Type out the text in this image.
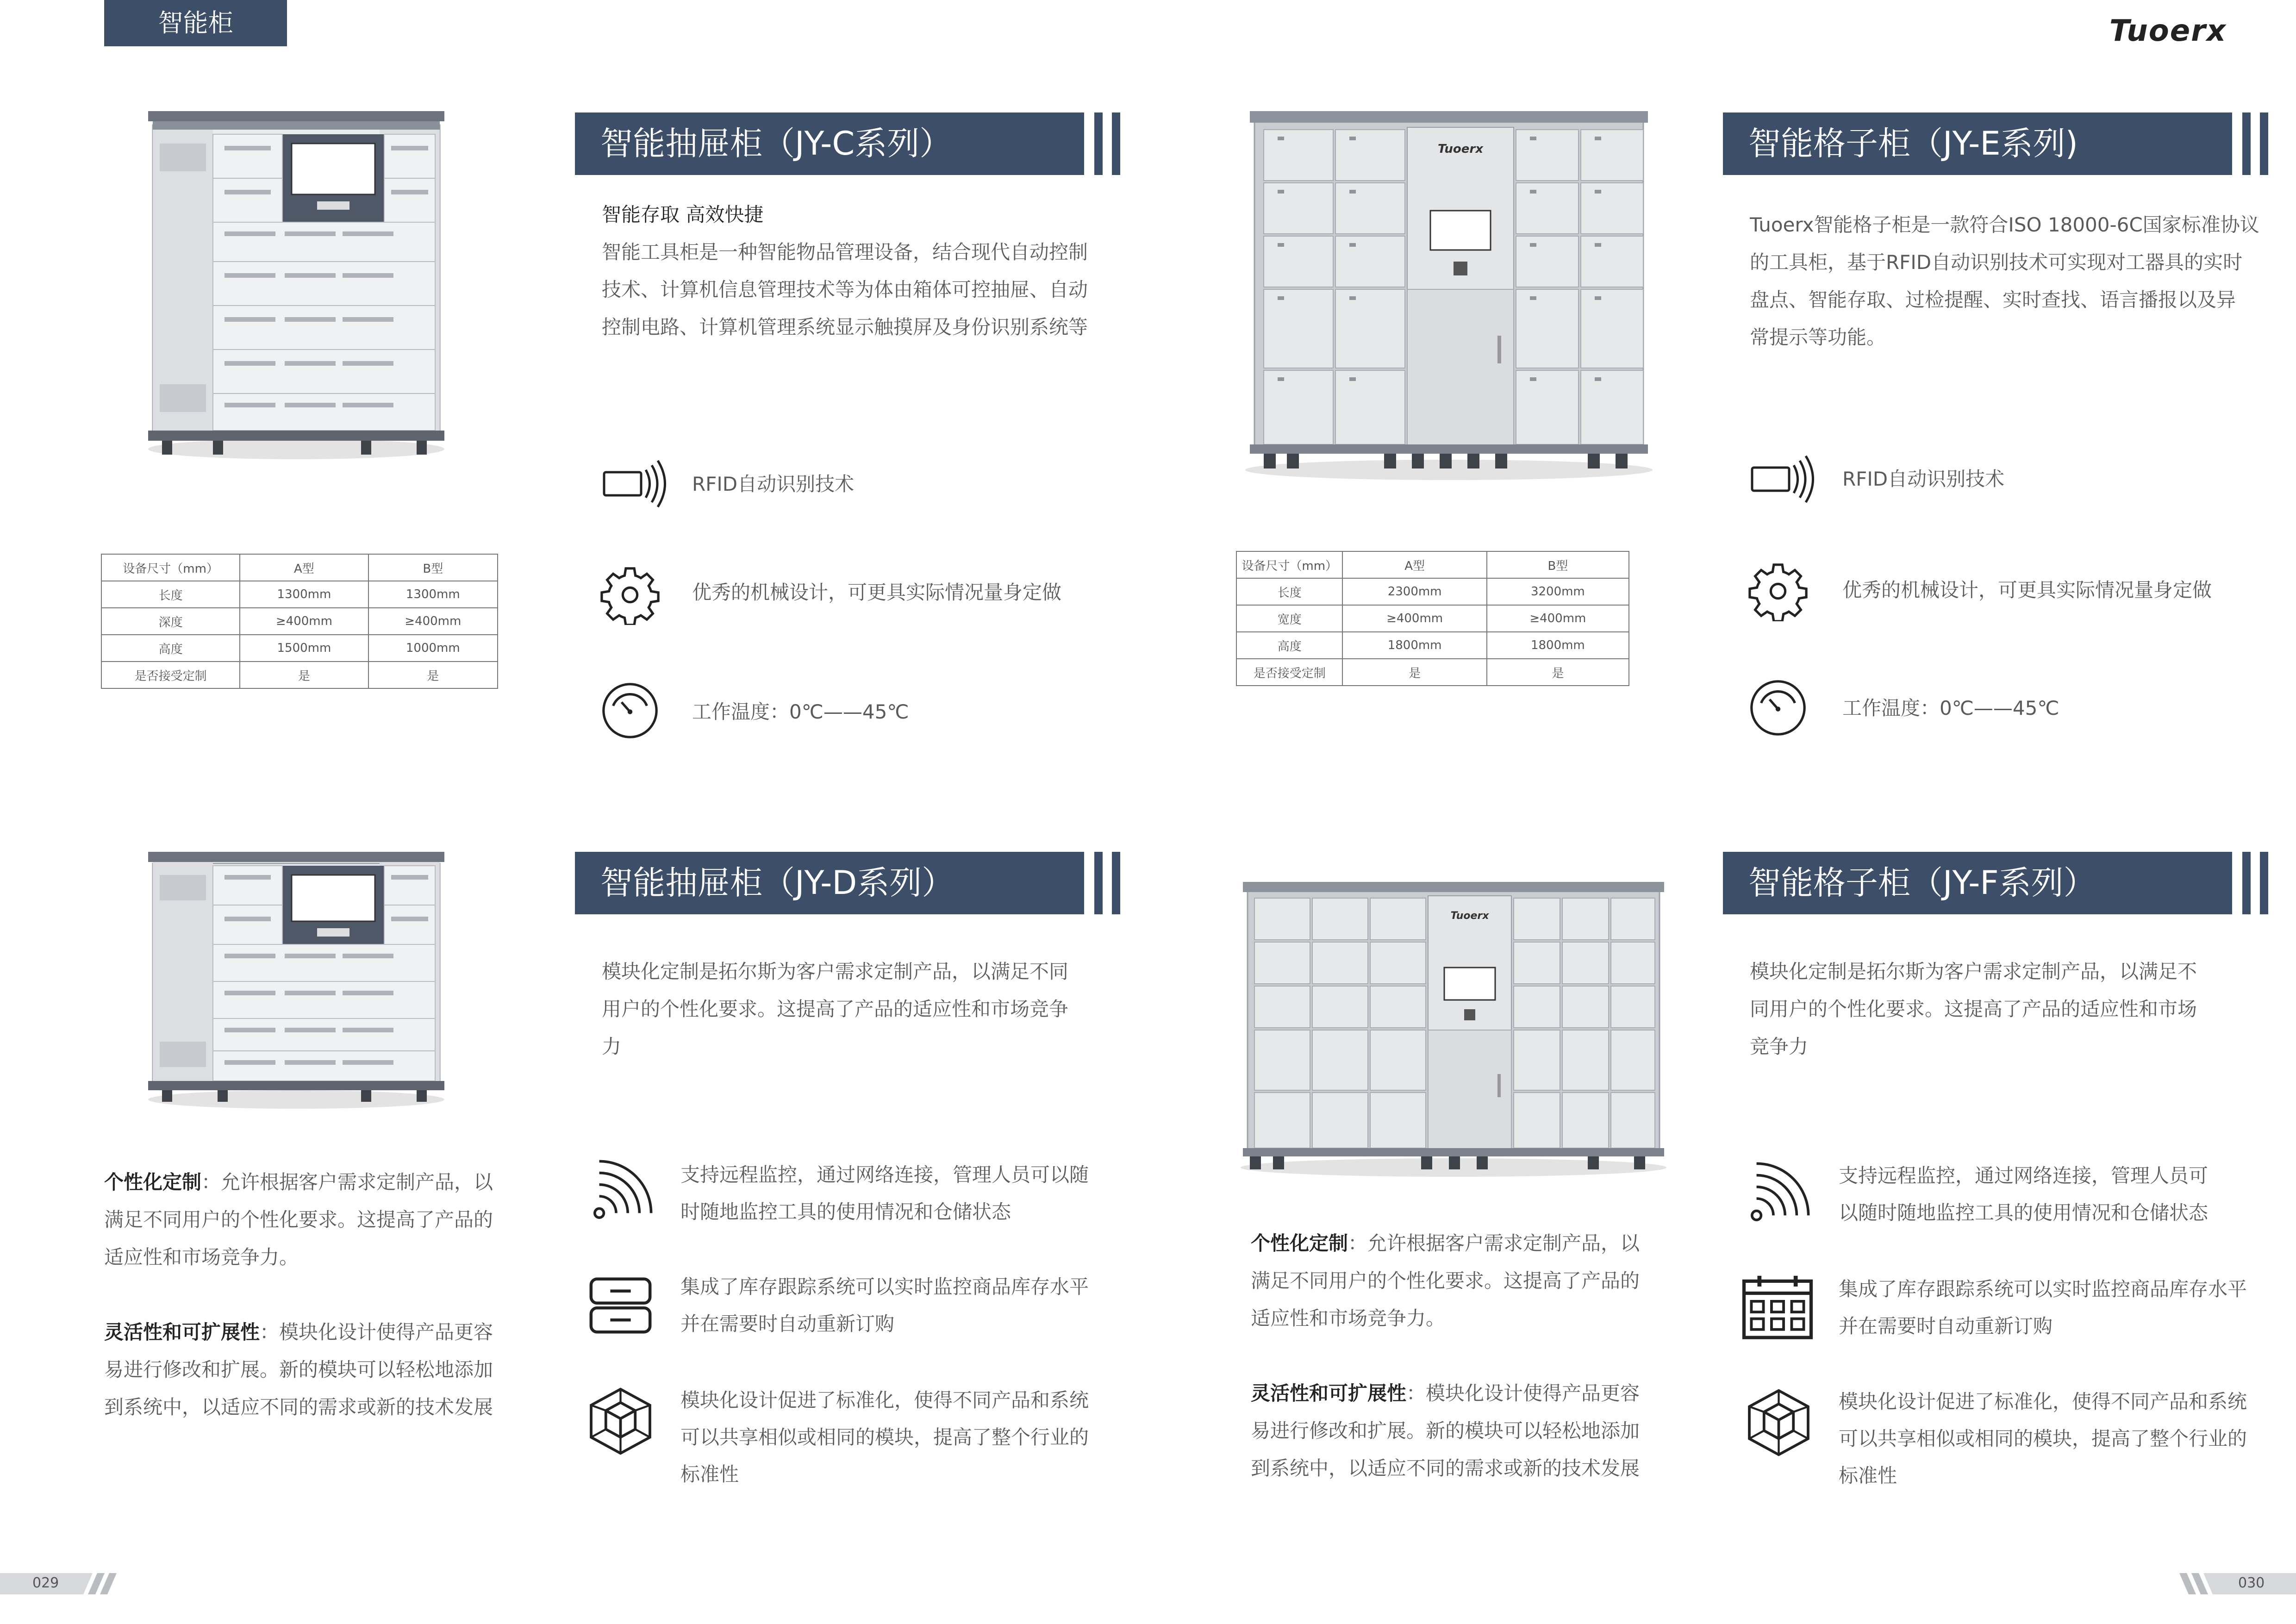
智能柜	Tuoerx
Tuoerx
Tuoerx
智能抽屉柜（JY-C系列）	智能格子柜（JY-E系列)
智能抽屉柜（JY-D系列）	智能格子柜（JY-F系列）
智能存取 高效快捷
智能工具柜是一种智能物品管理设备，结合现代自动控制
技术、计算机信息管理技术等为体由箱体可控抽屉、自动
控制电路、计算机管理系统显示触摸屏及身份识别系统等
Tuoerx智能格子柜是一款符合ISO 18000-6C国家标准协议
的工具柜，基于RFID自动识别技术可实现对工器具的实时
盘点、智能存取、过检提醒、实时查找、语言播报以及异
常提示等功能。
RFID自动识别技术
优秀的机械设计，可更具实际情况量身定做
工作温度：0℃——45℃
RFID自动识别技术
优秀的机械设计，可更具实际情况量身定做
工作温度：0℃——45℃
设备尺寸（mm）	A型	B型
长度	1300mm	1300mm
深度	≥400mm	≥400mm
高度	1500mm	1000mm
是否接受定制	是	是
设备尺寸（mm）	A型	B型
长度	2300mm	3200mm
宽度	≥400mm	≥400mm
高度	1800mm	1800mm
是否接受定制	是	是
模块化定制是拓尔斯为客户需求定制产品，以满足不同
用户的个性化要求。这提高了产品的适应性和市场竞争
力
模块化定制是拓尔斯为客户需求定制产品，以满足不
同用户的个性化要求。这提高了产品的适应性和市场
竞争力
支持远程监控，通过网络连接，管理人员可以随
时随地监控工具的使用情况和仓储状态
集成了库存跟踪系统可以实时监控商品库存水平
并在需要时自动重新订购
模块化设计促进了标准化，使得不同产品和系统
可以共享相似或相同的模块，提高了整个行业的
标准性
支持远程监控，通过网络连接，管理人员可
以随时随地监控工具的使用情况和仓储状态
集成了库存跟踪系统可以实时监控商品库存水平
并在需要时自动重新订购
模块化设计促进了标准化，使得不同产品和系统
可以共享相似或相同的模块，提高了整个行业的
标准性
个性化定制：允许根据客户需求定制产品，以
满足不同用户的个性化要求。这提高了产品的
适应性和市场竞争力。
灵活性和可扩展性：模块化设计使得产品更容
易进行修改和扩展。新的模块可以轻松地添加
到系统中，以适应不同的需求或新的技术发展
个性化定制：允许根据客户需求定制产品，以
满足不同用户的个性化要求。这提高了产品的
适应性和市场竞争力。
灵活性和可扩展性：模块化设计使得产品更容
易进行修改和扩展。新的模块可以轻松地添加
到系统中，以适应不同的需求或新的技术发展
029	030
